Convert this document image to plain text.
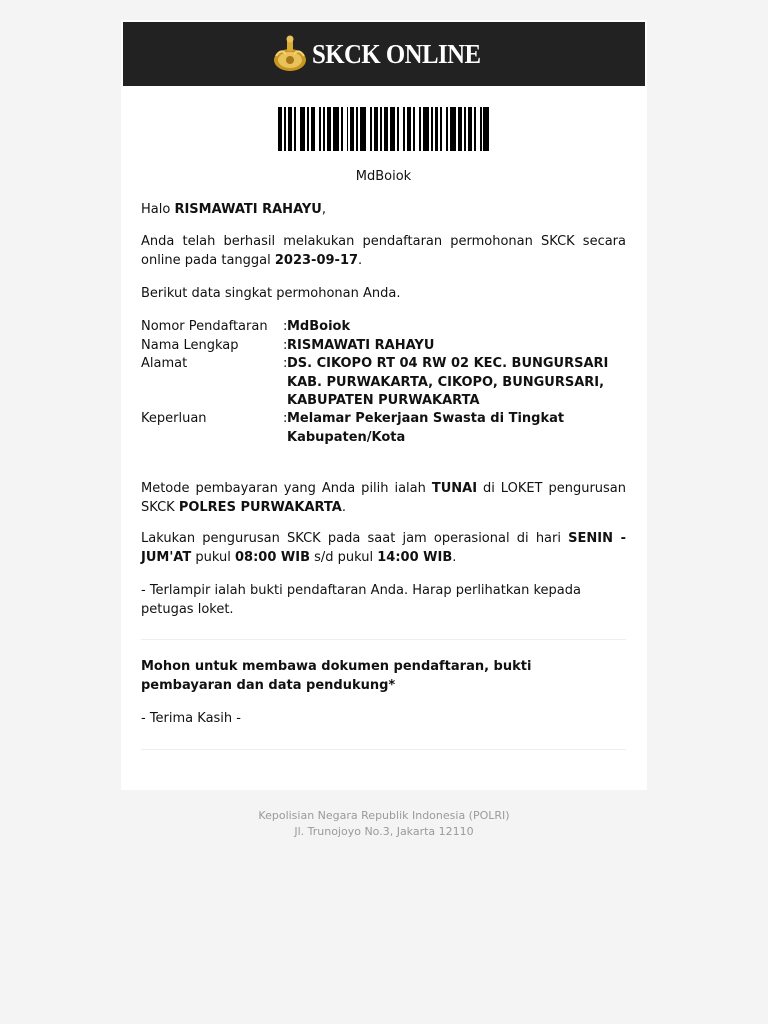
SKCK ONLINE

MdBoiok

Halo RISMAWATI RAHAYU,

Anda telah berhasil melakukan pendaftaran permohonan SKCK secara online pada tanggal 2023-09-17.

Berikut data singkat permohonan Anda.

Nomor Pendaftaran	: MdBoiok
Nama Lengkap	: RISMAWATI RAHAYU
Alamat	: DS. CIKOPO RT 04 RW 02 KEC. BUNGURSARI KAB. PURWAKARTA, CIKOPO, BUNGURSARI, KABUPATEN PURWAKARTA
Keperluan	: Melamar Pekerjaan Swasta di Tingkat Kabupaten/Kota

Metode pembayaran yang Anda pilih ialah TUNAI di LOKET pengurusan SKCK POLRES PURWAKARTA.

Lakukan pengurusan SKCK pada saat jam operasional di hari SENIN - JUM'AT pukul 08:00 WIB s/d pukul 14:00 WIB.

- Terlampir ialah bukti pendaftaran Anda. Harap perlihatkan kepada petugas loket.

Mohon untuk membawa dokumen pendaftaran, bukti pembayaran dan data pendukung*

- Terima Kasih -

Kepolisian Negara Republik Indonesia (POLRI)
Jl. Trunojoyo No.3, Jakarta 12110
